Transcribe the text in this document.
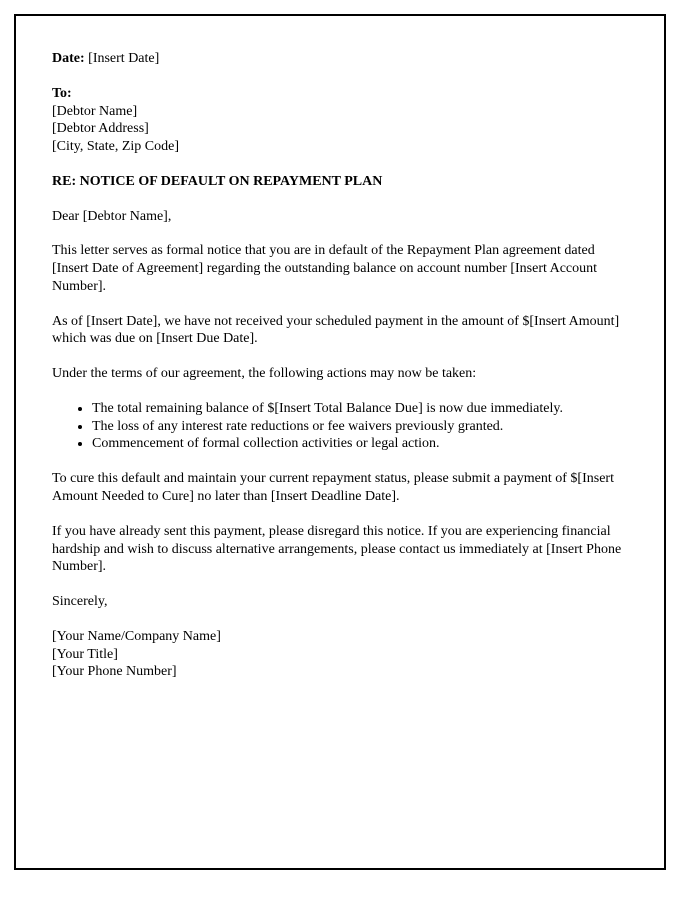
Date: [Insert Date]

To:

[Debtor Name]

[Debtor Address]

[City, State, Zip Code]

RE: NOTICE OF DEFAULT ON REPAYMENT PLAN

Dear [Debtor Name],

This letter serves as formal notice that you are in default of the Repayment Plan agreement dated [Insert Date of Agreement] regarding the outstanding balance on account number [Insert Account Number].

As of [Insert Date], we have not received your scheduled payment in the amount of $[Insert Amount] which was due on [Insert Due Date].

Under the terms of our agreement, the following actions may now be taken:

• The total remaining balance of $[Insert Total Balance Due] is now due immediately.
• The loss of any interest rate reductions or fee waivers previously granted.
• Commencement of formal collection activities or legal action.

To cure this default and maintain your current repayment status, please submit a payment of $[Insert Amount Needed to Cure] no later than [Insert Deadline Date].

If you have already sent this payment, please disregard this notice. If you are experiencing financial hardship and wish to discuss alternative arrangements, please contact us immediately at [Insert Phone Number].

Sincerely,

[Your Name/Company Name]

[Your Title]

[Your Phone Number]
